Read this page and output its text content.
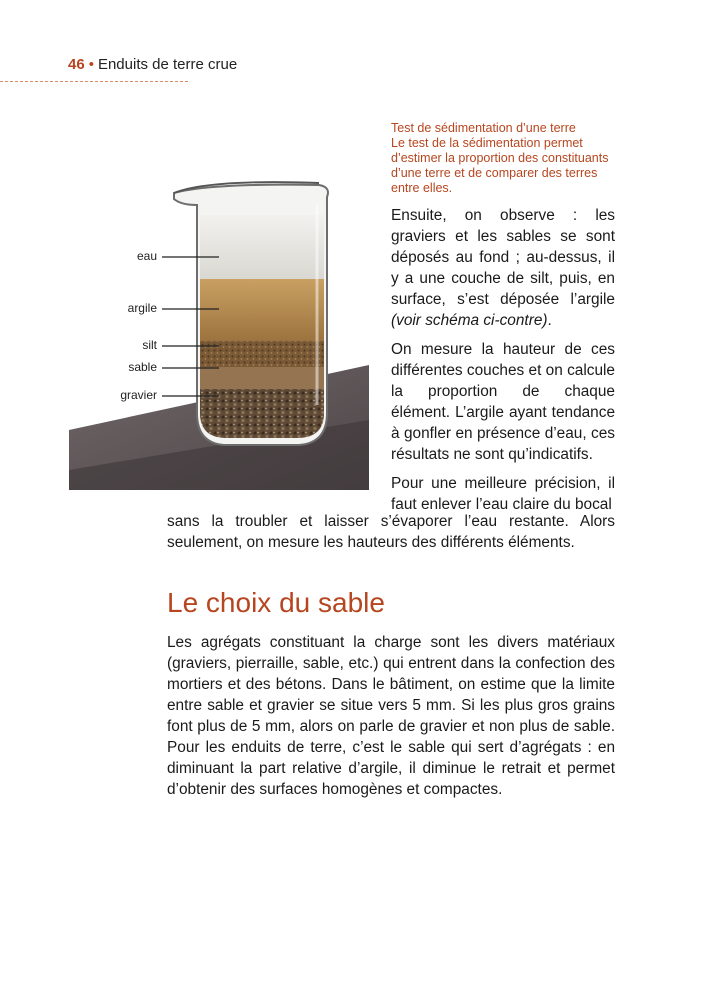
46 • Enduits de terre crue
Test de sédimentation d’une terre
Le test de la sédimentation permet d’estimer la proportion des constituants d’une terre et de comparer des terres entre elles.
eau
argile
silt
sable
gravier

Ensuite, on observe : les graviers et les sables se sont déposés au fond ; au-dessus, il y a une couche de silt, puis, en surface, s’est déposée l’argile (voir schéma ci-contre).

On mesure la hauteur de ces différentes couches et on calcule la proportion de chaque élément. L’argile ayant tendance à gonfler en présence d’eau, ces résultats ne sont qu’indicatifs.

Pour une meilleure précision, il faut enlever l’eau claire du bocal

sans la troubler et laisser s’évaporer l’eau restante. Alors seulement, on mesure les hauteurs des différents éléments.

Le choix du sable

Les agrégats constituant la charge sont les divers matériaux (graviers, pierraille, sable, etc.) qui entrent dans la confection des mortiers et des bétons. Dans le bâtiment, on estime que la limite entre sable et gravier se situe vers 5 mm. Si les plus gros grains font plus de 5 mm, alors on parle de gravier et non plus de sable. Pour les enduits de terre, c’est le sable qui sert d’agrégats : en diminuant la part relative d’argile, il diminue le retrait et permet d’obtenir des surfaces homogènes et compactes.
